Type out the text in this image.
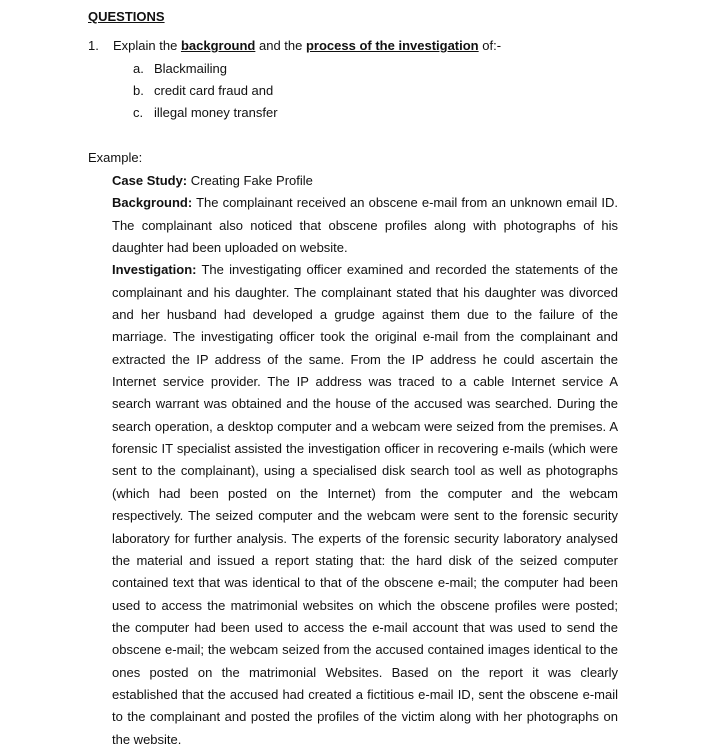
QUESTIONS
1. Explain the background and the process of the investigation of:-
a. Blackmailing
b. credit card fraud and
c. illegal money transfer
Example:

Case Study: Creating Fake Profile

Background: The complainant received an obscene e-mail from an unknown email ID. The complainant also noticed that obscene profiles along with photographs of his daughter had been uploaded on website.

Investigation: The investigating officer examined and recorded the statements of the complainant and his daughter. The complainant stated that his daughter was divorced and her husband had developed a grudge against them due to the failure of the marriage. The investigating officer took the original e-mail from the complainant and extracted the IP address of the same. From the IP address he could ascertain the Internet service provider. The IP address was traced to a cable Internet service A search warrant was obtained and the house of the accused was searched. During the search operation, a desktop computer and a webcam were seized from the premises. A forensic IT specialist assisted the investigation officer in recovering e-mails (which were sent to the complainant), using a specialised disk search tool as well as photographs (which had been posted on the Internet) from the computer and the webcam respectively. The seized computer and the webcam were sent to the forensic security laboratory for further analysis. The experts of the forensic security laboratory analysed the material and issued a report stating that: the hard disk of the seized computer contained text that was identical to that of the obscene e-mail; the computer had been used to access the matrimonial websites on which the obscene profiles were posted; the computer had been used to access the e-mail account that was used to send the obscene e-mail; the webcam seized from the accused contained images identical to the ones posted on the matrimonial Websites. Based on the report it was clearly established that the accused had created a fictitious e-mail ID, sent the obscene e-mail to the complainant and posted the profiles of the victim along with her photographs on the website.
